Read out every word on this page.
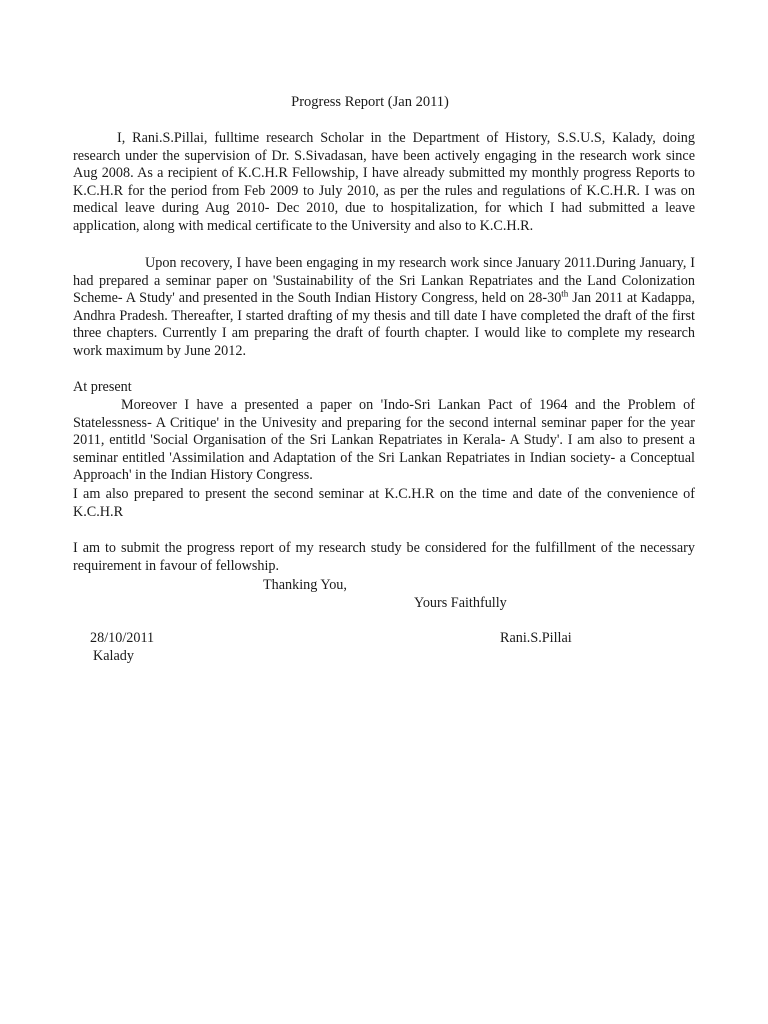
Progress Report (Jan 2011)

I, Rani.S.Pillai, fulltime research Scholar in the Department of History, S.S.U.S, Kalady, doing research under the supervision of Dr. S.Sivadasan, have been actively engaging in the research work since Aug 2008. As a recipient of K.C.H.R Fellowship, I have already submitted my monthly progress Reports to K.C.H.R for the period from Feb 2009 to July 2010, as per the rules and regulations of K.C.H.R. I was on medical leave during Aug 2010- Dec 2010, due to hospitalization, for which I had submitted a leave application, along with medical certificate to the University and also to K.C.H.R.

Upon recovery, I have been engaging in my research work since January 2011.During January, I had prepared a seminar paper on 'Sustainability of the Sri Lankan Repatriates and the Land Colonization Scheme- A Study' and presented in the South Indian History Congress, held on 28-30th Jan 2011 at Kadappa, Andhra Pradesh. Thereafter, I started drafting of my thesis and till date I have completed the draft of the first three chapters. Currently I am preparing the draft of fourth chapter. I would like to complete my research work maximum by June 2012.

At present

Moreover I have a presented a paper on 'Indo-Sri Lankan Pact of 1964 and the Problem of Statelessness- A Critique' in the Univesity and preparing for the second internal seminar paper for the year 2011, entitld 'Social Organisation of the Sri Lankan Repatriates in Kerala- A Study'. I am also to present a seminar entitled 'Assimilation and Adaptation of the Sri Lankan Repatriates in Indian society- a Conceptual Approach' in the Indian History Congress.

I am also prepared to present the second seminar at K.C.H.R on the time and date of the convenience of K.C.H.R

I am to submit the progress report of my research study be considered for the fulfillment of the necessary requirement in favour of fellowship.

Thanking You,
Yours Faithfully
28/10/2011	Rani.S.Pillai
Kalady
